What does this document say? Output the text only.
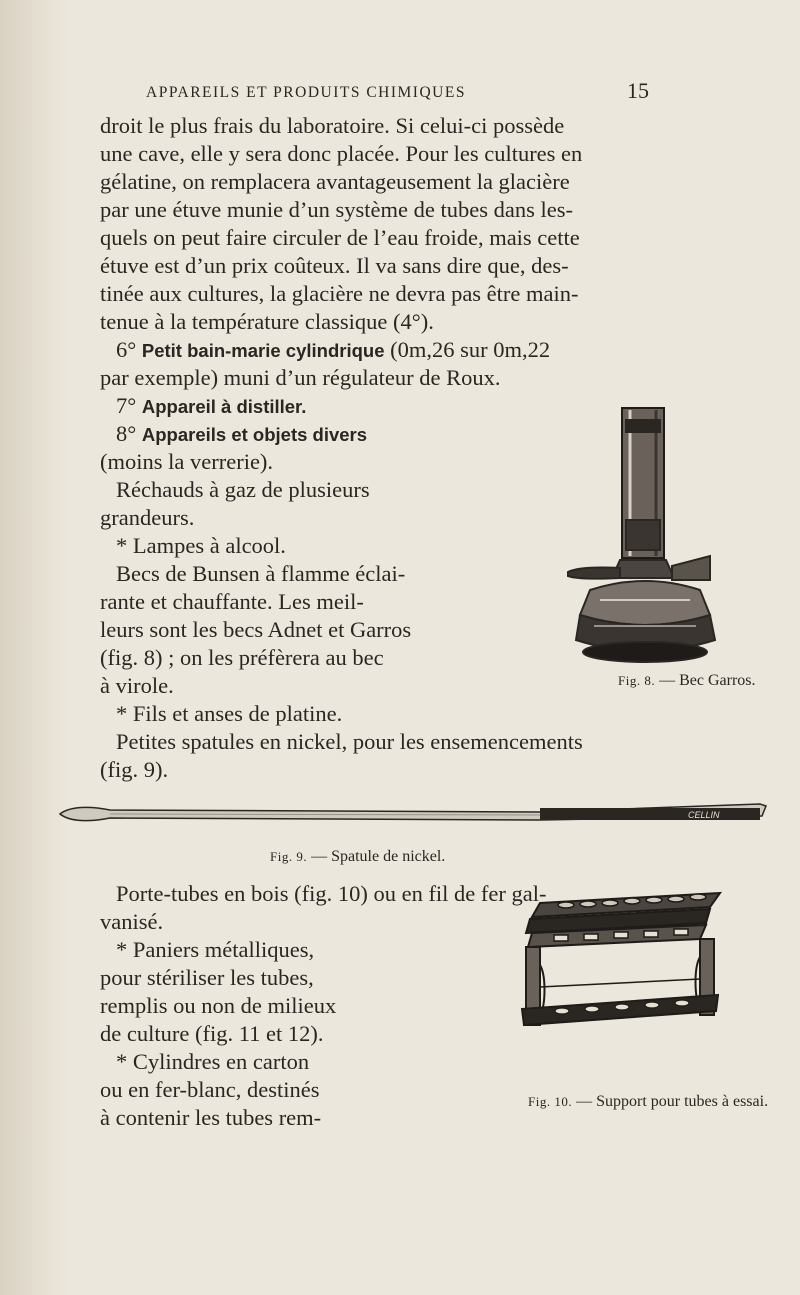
APPAREILS ET PRODUITS CHIMIQUES	15
droit le plus frais du laboratoire. Si celui-ci possède
une cave, elle y sera donc placée. Pour les cultures en
gélatine, on remplacera avantageusement la glacière
par une étuve munie d’un système de tubes dans les-
quels on peut faire circuler de l’eau froide, mais cette
étuve est d’un prix coûteux. Il va sans dire que, des-
tinée aux cultures, la glacière ne devra pas être main-
tenue à la température classique (4°).
6° Petit bain-marie cylindrique (0m,26 sur 0m,22
par exemple) muni d’un régulateur de Roux.
7° Appareil à distiller.
8° Appareils et objets divers
(moins la verrerie).
Réchauds à gaz de plusieurs
grandeurs.
* Lampes à alcool.
Becs de Bunsen à flamme éclai-
rante et chauffante. Les meil-
leurs sont les becs Adnet et Garros
(fig. 8) ; on les préfèrera au bec
à virole.
* Fils et anses de platine.
Petites spatules en nickel, pour les ensemencements
(fig. 9).
Fig. 8. — Bec Garros.
CELLIN
Fig. 9. — Spatule de nickel.
Porte-tubes en bois (fig. 10) ou en fil de fer gal-
vanisé.
* Paniers métalliques,
pour stériliser les tubes,
remplis ou non de milieux
de culture (fig. 11 et 12).
* Cylindres en carton
ou en fer-blanc, destinés
à contenir les tubes rem-
Fig. 10. — Support pour tubes à essai.
